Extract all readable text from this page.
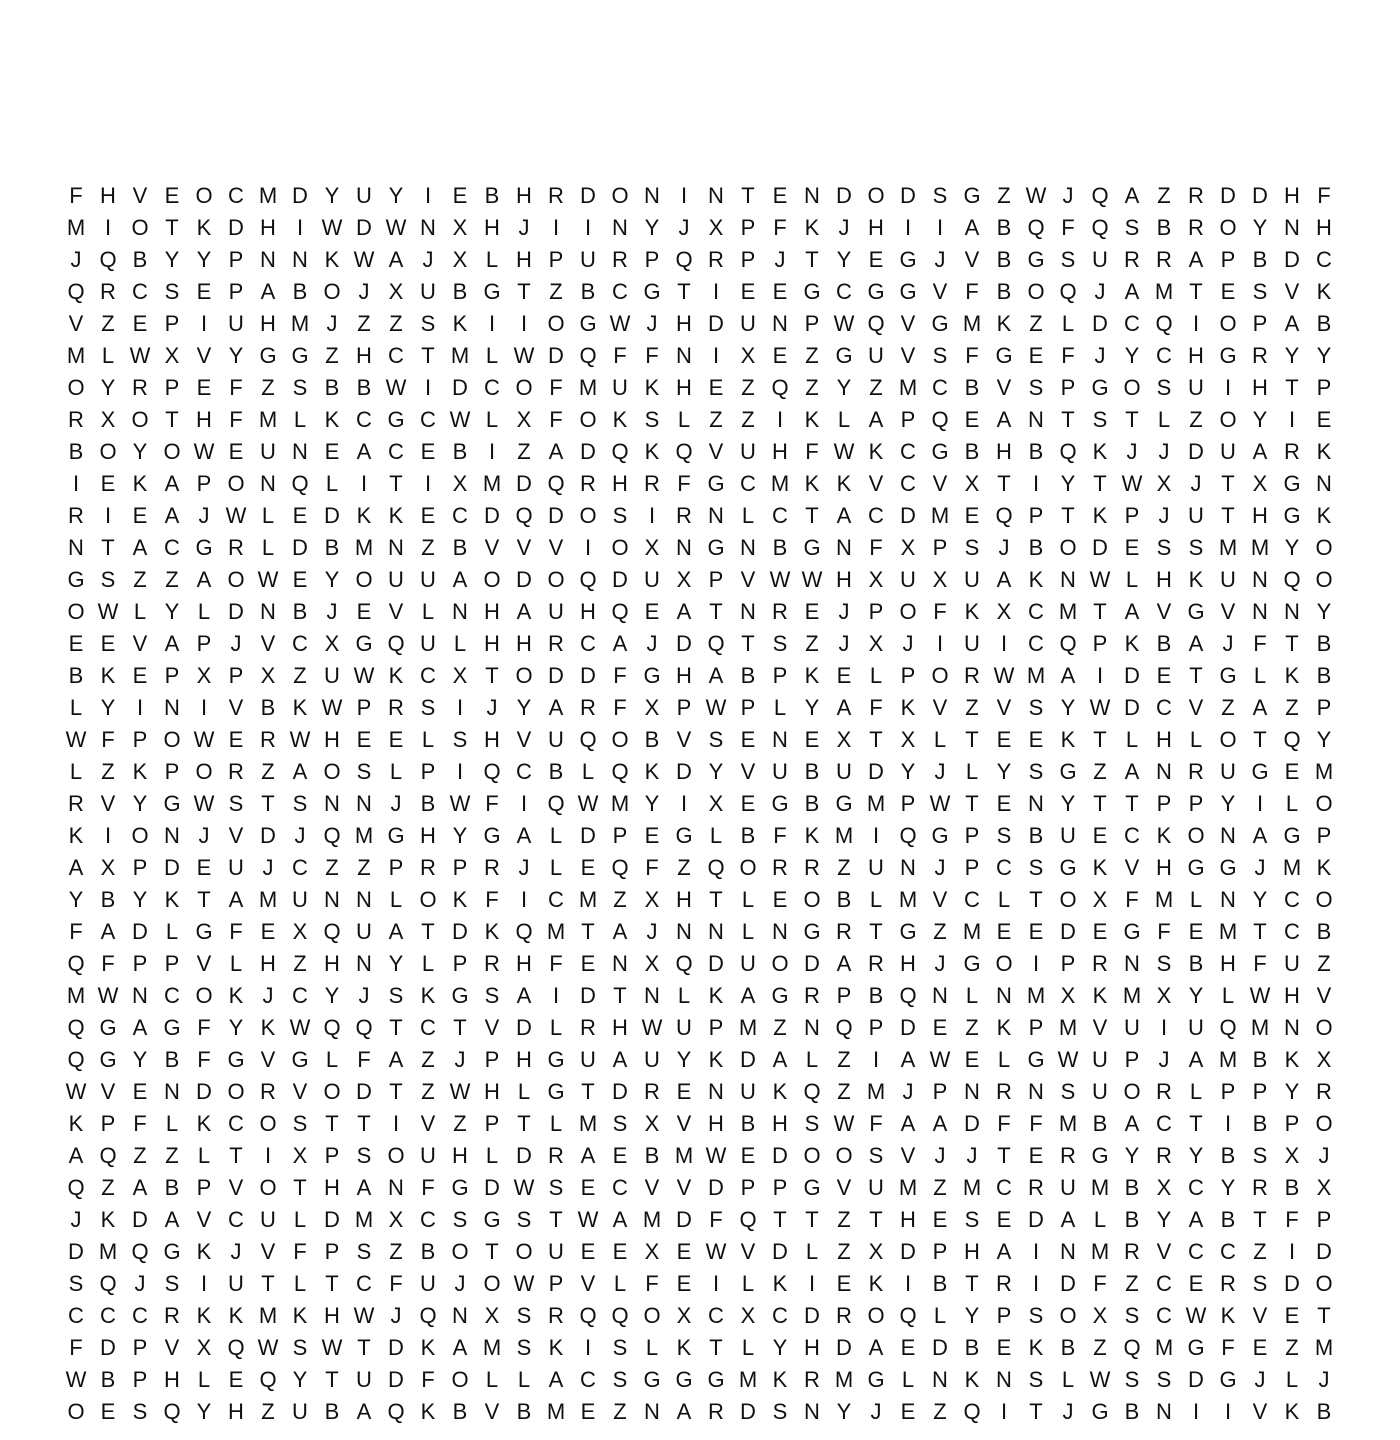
F H V E O C M D Y U Y I E B H R D O N I N T E N D O D S G Z W J Q A Z R D D H F
M I O T K D H I W D W N X H J	I	I N Y J X P F K J H I	I A B Q F Q S B R O Y N H
J Q B Y Y P N N K W A J X L H P U R P Q R P J T Y E G J V B G S U R R A P B D C
Q R C S E P A B O J X U B G T Z B C G T	I E E G C G G V F B O Q J A M T E S V K
V Z E P I U H M J Z Z S K I	I O G W J H D U N P W Q V G M K Z L D C Q I O P A B
M L W X V Y G G Z H C T M L W D Q F F N I X E Z G U V S F G E F J Y C H G R Y Y
O Y R P E F Z S B B W I D C O F M U K H E Z Q Z Y Z M C B V S P G O S U I H T P
R X O T H F M L K C G C W L X F O K S L Z Z	I K L A P Q E A N T S T L Z O Y I E
B O Y O W E U N E A C E B I	Z A D Q K Q V U H F W K C G B H B Q K J J D U A R K
I E K A P O N Q L	I	T	I X M D Q R H R F G C M K K V C V X T	I Y T W X J T X G N
R I E A J W L E D K K E C D Q D O S I R N L C T A C D M E Q P T K P J U T H G K
N T A C G R L D B M N Z B V V V I O X N G N B G N F X P S J B O D E S S M M Y O
G S Z Z A O W E Y O U U A O D O Q D U X P V W W H X U X U A K N W L H K U N Q O
O W L Y L D N B J E V L N H A U H Q E A T N R E J P O F K X C M T A V G V N N Y
E E V A P J V C X G Q U L H H R C A J D Q T S Z J X J	I U I C Q P K B A J F T B
B K E P X P X Z U W K C X T O D D F G H A B P K E L P O R W M A I D E T G L K B
L Y I N I V B K W P R S I	J Y A R F X P W P L Y A F K V Z V S Y W D C V Z A Z P
W F P O W E R W H E E L S H V U Q O B V S E N E X T X L T E E K T L H L O T Q Y
L Z K P O R Z A O S L P I Q C B L Q K D Y V U B U D Y J L Y S G Z A N R U G E M
R V Y G W S T S N N J B W F	I Q W M Y I X E G B G M P W T E N Y T T P P Y I	L O
K I O N J V D J Q M G H Y G A L D P E G L B F K M I Q G P S B U E C K O N A G P
A X P D E U J C Z Z P R P R J L E Q F Z Q O R R Z U N J P C S G K V H G G J M K
Y B Y K T A M U N N L O K F	I C M Z X H T L E O B L M V C L T O X F M L N Y C O
F A D L G F E X Q U A T D K Q M T A J N N L N G R T G Z M E E D E G F E M T C B
Q F P P V L H Z H N Y L P R H F E N X Q D U O D A R H J G O I P R N S B H F U Z
M W N C O K J C Y J S K G S A I D T N L K A G R P B Q N L N M X K M X Y L W H V
Q G A G F Y K W Q Q T C T V D L R H W U P M Z N Q P D E Z K P M V U I U Q M N O
Q G Y B F G V G L F A Z J P H G U A U Y K D A L Z	I A W E L G W U P J A M B K X
W V E N D O R V O D T Z W H L G T D R E N U K Q Z M J P N R N S U O R L P P Y R
K P F L K C O S T T	I V Z P T L M S X V H B H S W F A A D F F M B A C T	I B P O
A Q Z Z L T	I X P S O U H L D R A E B M W E D O O S V J J T E R G Y R Y B S X J
Q Z A B P V O T H A N F G D W S E C V V D P P G V U M Z M C R U M B X C Y R B X
J K D A V C U L D M X C S G S T W A M D F Q T T Z T H E S E D A L B Y A B T F P
D M Q G K J V F P S Z B O T O U E E X E W V D L Z X D P H A I N M R V C C Z	I D
S Q J S I U T L T C F U J O W P V L F E I	L K I E K I B T R I D F Z C E R S D O
C C C R K K M K H W J Q N X S R Q Q O X C X C D R O Q L Y P S O X S C W K V E T
F D P V X Q W S W T D K A M S K I S L K T L Y H D A E D B E K B Z Q M G F E Z M
W B P H L E Q Y T U D F O L L A C S G G G M K R M G L N K N S L W S S D G J L J
O E S Q Y H Z U B A Q K B V B M E Z N A R D S N Y J E Z Q I	T J G B N I	I V K B
